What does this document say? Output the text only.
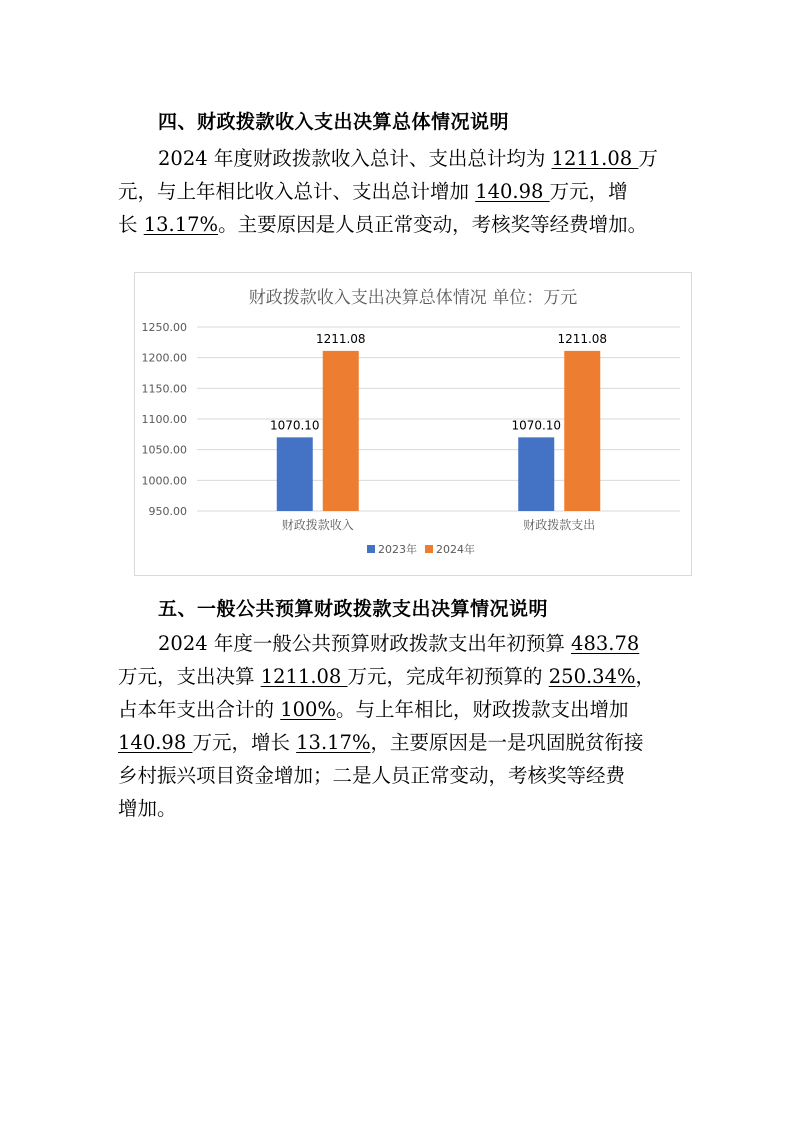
四、财政拨款收入支出决算总体情况说明
2024 年度财政拨款收入总计、支出总计均为 1211.08 万
元，与上年相比收入总计、支出总计增加 140.98 万元，增
长 13.17%。主要原因是人员正常变动，考核奖等经费增加。
财政拨款收入支出决算总体情况 单位：万元
950.00
1000.00
1050.00
1100.00
1150.00
1200.00
1250.00
1070.10
1211.08
1070.10
1211.08
财政拨款收入	财政拨款支出
2023年 2024年
五、一般公共预算财政拨款支出决算情况说明
2024 年度一般公共预算财政拨款支出年初预算 483.78
万元，支出决算 1211.08 万元，完成年初预算的 250.34%，
占本年支出合计的 100%。与上年相比，财政拨款支出增加
140.98 万元，增长 13.17%，主要原因是一是巩固脱贫衔接
乡村振兴项目资金增加；二是人员正常变动，考核奖等经费
增加。
